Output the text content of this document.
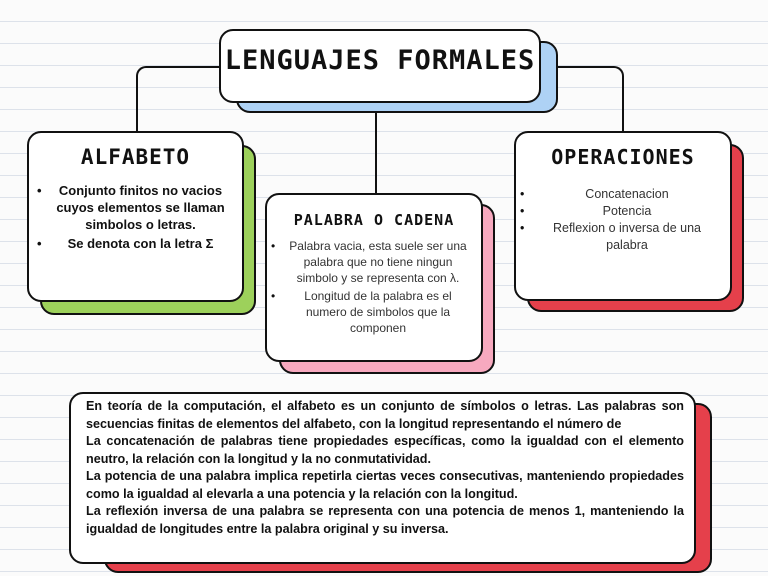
LENGUAJES FORMALES
ALFABETO
• Conjunto finitos no vacios cuyos elementos se llaman simbolos o letras.
• Se denota con la letra Σ
PALABRA O CADENA
• Palabra vacia, esta suele ser una palabra que no tiene ningun simbolo y se representa con λ.
• Longitud de la palabra es el numero de simbolos que la componen
OPERACIONES
• Concatenacion
• Potencia
• Reflexion o inversa de una palabra

En teoría de la computación, el alfabeto es un conjunto de símbolos o letras. Las palabras son secuencias finitas de elementos del alfabeto, con la longitud representando el número de

La concatenación de palabras tiene propiedades específicas, como la igualdad con el elemento neutro, la relación con la longitud y la no conmutatividad.

La potencia de una palabra implica repetirla ciertas veces consecutivas, manteniendo propiedades como la igualdad al elevarla a una potencia y la relación con la longitud.

La reflexión inversa de una palabra se representa con una potencia de menos 1, manteniendo la igualdad de longitudes entre la palabra original y su inversa.
